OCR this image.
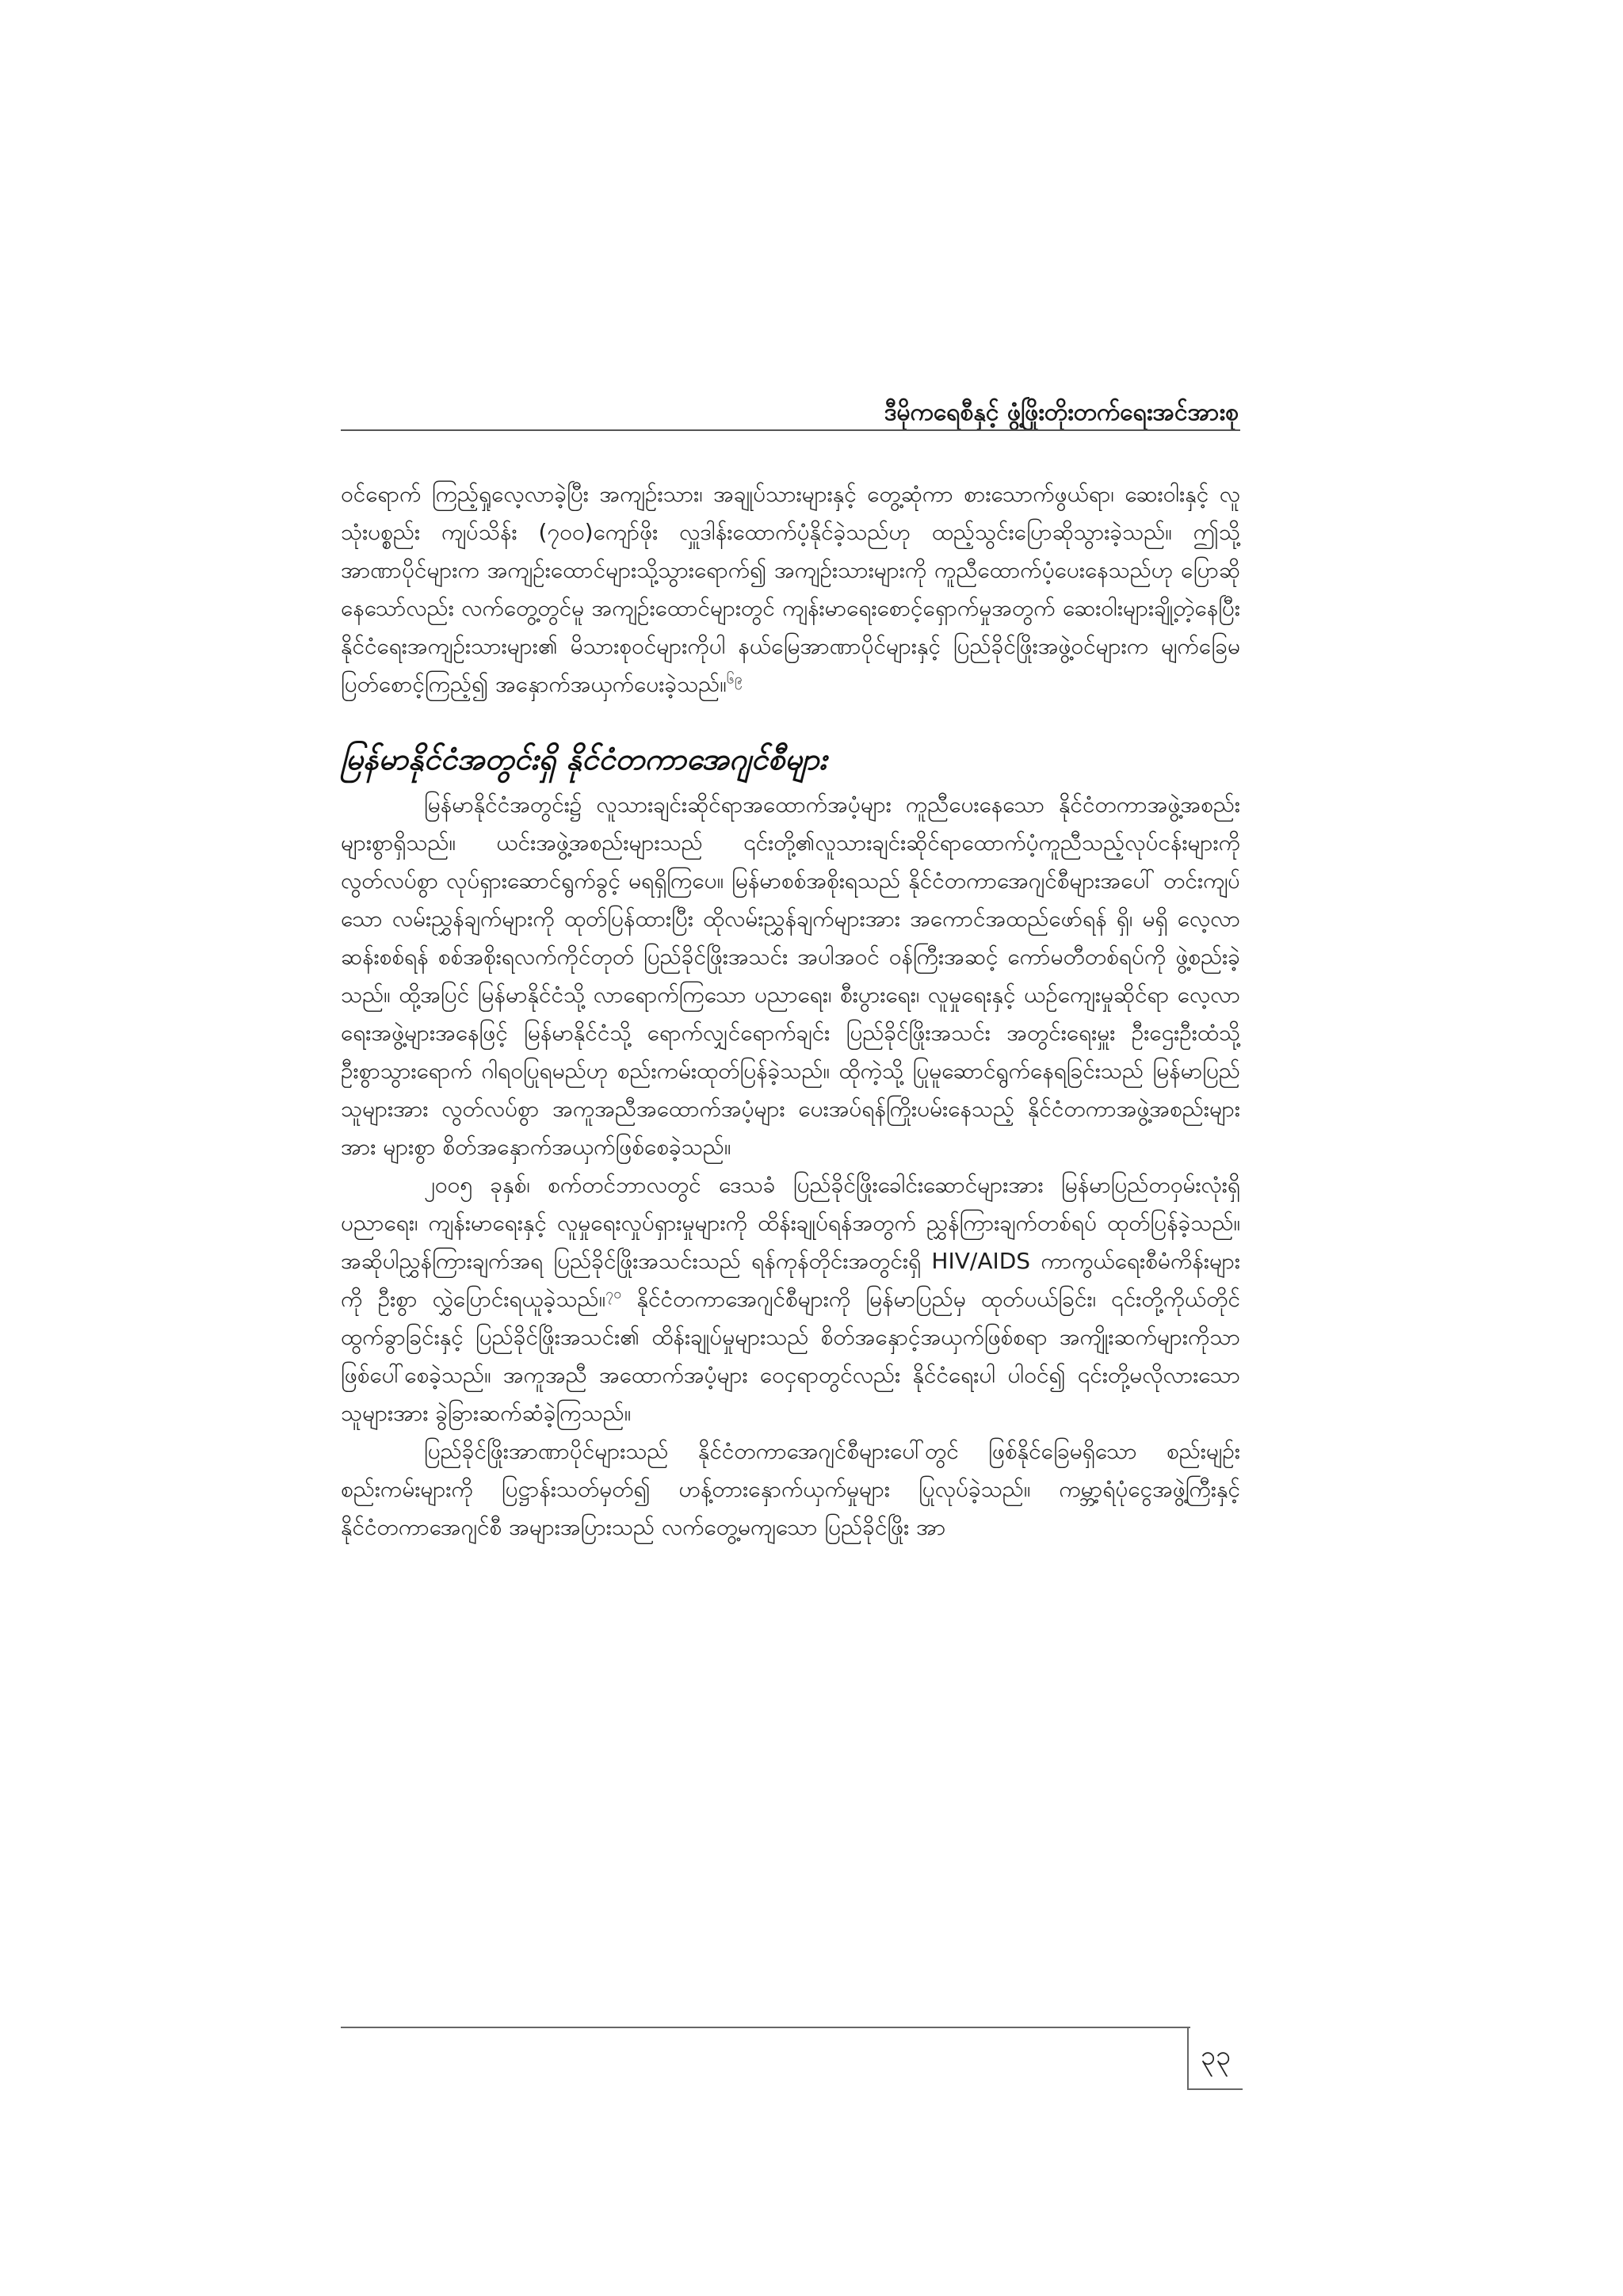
ဒီမိုကရေစီနှင့် ဖွံ့ဖြိုးတိုးတက်ရေးအင်အားစု

ဝင်ရောက် ကြည့်ရှုလေ့လာခဲ့ပြီး အကျဉ်းသား၊ အချုပ်သားများနှင့် တွေ့ဆုံကာ စားသောက်ဖွယ်ရာ၊ ဆေးဝါးနှင့် လူသုံးပစ္စည်း ကျပ်သိန်း (၇၀၀)ကျော်ဖိုး လှူဒါန်းထောက်ပံ့နိုင်ခဲ့သည်ဟု ထည့်သွင်းပြောဆိုသွားခဲ့သည်။ ဤသို့ အာဏာပိုင်များက အကျဉ်းထောင်များသို့သွားရောက်၍ အကျဉ်းသားများကို ကူညီထောက်ပံ့ပေးနေသည်ဟု ပြောဆိုနေသော်လည်း လက်တွေ့တွင်မူ အကျဉ်းထောင်များတွင် ကျန်းမာရေးစောင့်ရှောက်မှုအတွက် ဆေးဝါးများချို့တဲ့နေပြီး နိုင်ငံရေးအကျဉ်းသားများ၏ မိသားစုဝင်များကိုပါ နယ်မြေအာဏာပိုင်များနှင့် ပြည်ခိုင်ဖြိုးအဖွဲ့ဝင်များက မျက်ခြေမပြတ်စောင့်ကြည့်၍ အနှောက်အယှက်ပေးခဲ့သည်။$^{၆၉}$

မြန်မာနိုင်ငံအတွင်းရှိ နိုင်ငံတကာအေဂျင်စီများ

မြန်မာနိုင်ငံအတွင်း၌ လူသားချင်းဆိုင်ရာအထောက်အပံ့များ ကူညီပေးနေသော နိုင်ငံတကာအဖွဲ့အစည်း များစွာရှိသည်။ ယင်းအဖွဲ့အစည်းများသည် ၎င်းတို့၏လူသားချင်းဆိုင်ရာထောက်ပံ့ကူညီသည့်လုပ်ငန်းများကို လွတ်လပ်စွာ လုပ်ရှားဆောင်ရွက်ခွင့် မရရှိကြပေ။ မြန်မာစစ်အစိုးရသည် နိုင်ငံတကာအေဂျင်စီများအပေါ် တင်းကျပ်သော လမ်းညွှန်ချက်များကို ထုတ်ပြန်ထားပြီး ထိုလမ်းညွှန်ချက်များအား အကောင်အထည်ဖော်ရန် ရှိ၊ မရှိ လေ့လာဆန်းစစ်ရန် စစ်အစိုးရလက်ကိုင်တုတ် ပြည်ခိုင်ဖြိုးအသင်း အပါအဝင် ဝန်ကြီးအဆင့် ကော်မတီတစ်ရပ်ကို ဖွဲ့စည်းခဲ့သည်။ ထို့အပြင် မြန်မာနိုင်ငံသို့ လာရောက်ကြသော ပညာရေး၊ စီးပွားရေး၊ လူမှုရေးနှင့် ယဉ်ကျေးမှုဆိုင်ရာ လေ့လာရေးအဖွဲ့များအနေဖြင့် မြန်မာနိုင်ငံသို့ ရောက်လျှင်ရောက်ချင်း ပြည်ခိုင်ဖြိုးအသင်း အတွင်းရေးမှူး ဦးဌေးဦးထံသို့ ဦးစွာသွားရောက် ဂါရဝပြုရမည်ဟု စည်းကမ်းထုတ်ပြန်ခဲ့သည်။ ထိုကဲ့သို့ ပြုမူဆောင်ရွက်နေရခြင်းသည် မြန်မာပြည်သူများအား လွတ်လပ်စွာ အကူအညီအထောက်အပံ့များ ပေးအပ်ရန်ကြိုးပမ်းနေသည့် နိုင်ငံတကာအဖွဲ့အစည်းများအား များစွာ စိတ်အနှောက်အယှက်ဖြစ်စေခဲ့သည်။

၂၀၀၅ ခုနှစ်၊ စက်တင်ဘာလတွင် ဒေသခံ ပြည်ခိုင်ဖြိုးခေါင်းဆောင်များအား မြန်မာပြည်တဝှမ်းလုံးရှိ ပညာရေး၊ ကျန်းမာရေးနှင့် လူမှုရေးလှုပ်ရှားမှုများကို ထိန်းချုပ်ရန်အတွက် ညွှန်ကြားချက်တစ်ရပ် ထုတ်ပြန်ခဲ့သည်။ အဆိုပါညွှန်ကြားချက်အရ ပြည်ခိုင်ဖြိုးအသင်းသည် ရန်ကုန်တိုင်းအတွင်းရှိ HIV/AIDS ကာကွယ်ရေးစီမံကိန်းများကို ဦးစွာ လွှဲပြောင်းရယူခဲ့သည်။$^{၇၀}$ နိုင်ငံတကာအေဂျင်စီများကို မြန်မာပြည်မှ ထုတ်ပယ်ခြင်း၊ ၎င်းတို့ကိုယ်တိုင် ထွက်ခွာခြင်းနှင့် ပြည်ခိုင်ဖြိုးအသင်း၏ ထိန်းချုပ်မှုများသည် စိတ်အနှောင့်အယှက်ဖြစ်စရာ အကျိုးဆက်များကိုသာ ဖြစ်ပေါ်စေခဲ့သည်။ အကူအညီ အထောက်အပံ့များ ဝေငှရာတွင်လည်း နိုင်ငံရေးပါ ပါဝင်၍ ၎င်းတို့မလိုလားသောသူများအား ခွဲခြားဆက်ဆံခဲ့ကြသည်။

ပြည်ခိုင်ဖြိုးအာဏာပိုင်များသည် နိုင်ငံတကာအေဂျင်စီများပေါ်တွင် ဖြစ်နိုင်ခြေမရှိသော စည်းမျဉ်းစည်းကမ်းများကို ပြဋ္ဌာန်းသတ်မှတ်၍ ဟန့်တားနှောက်ယှက်မှုများ ပြုလုပ်ခဲ့သည်။ ကမ္ဘာ့ရံပုံငွေအဖွဲ့ကြီးနှင့် နိုင်ငံတကာအေဂျင်စီ အများအပြားသည် လက်တွေ့မကျသော ပြည်ခိုင်ဖြိုး အာ

၃၃
